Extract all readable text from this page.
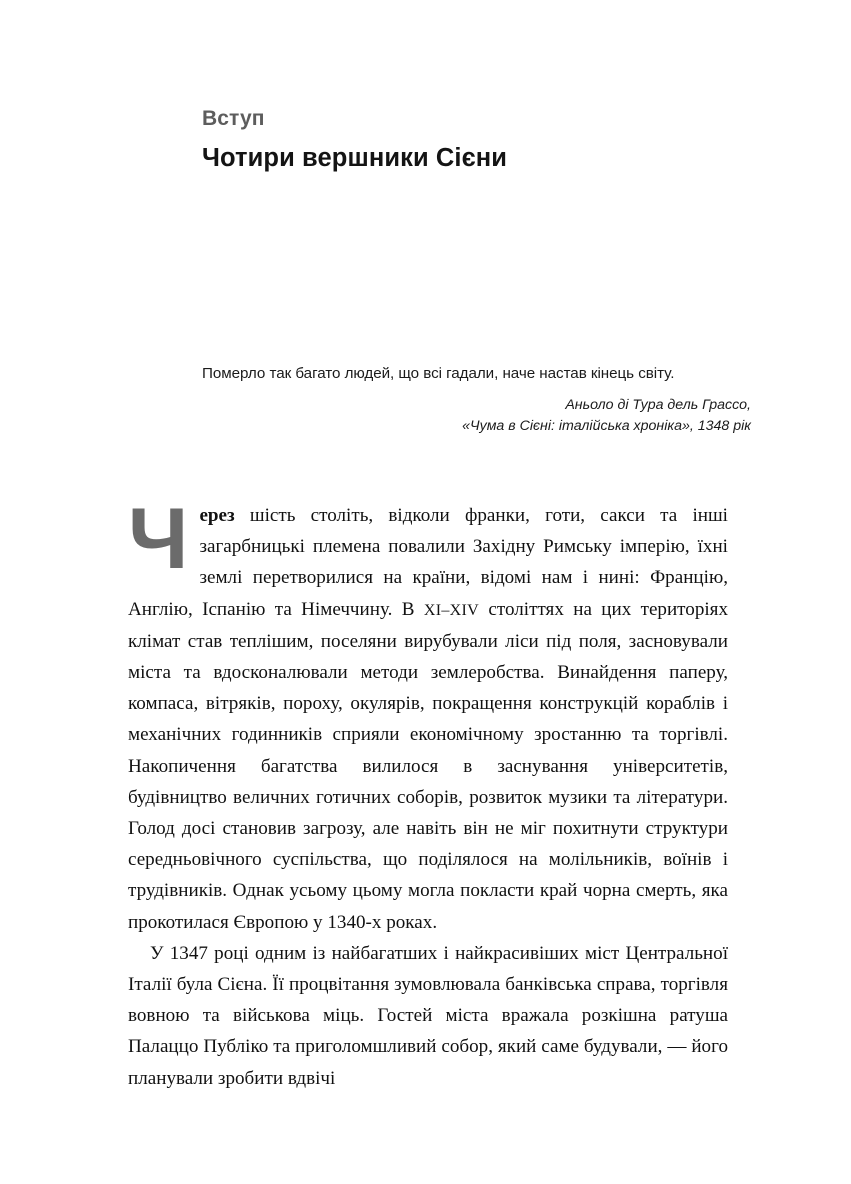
Вступ
Чотири вершники Сієни

Померло так багато людей, що всі гадали, наче настав кінець світу.

Аньоло ді Тура дель Грассо,

«Чума в Сієні: італійська хроніка», 1348 рік

Через шість століть, відколи франки, готи, сакси та інші загарбницькі племена повалили Західну Римську імперію, їхні землі перетворилися на країни, відомі нам і нині: Францію, Англію, Іспанію та Німеччину. В XI–XIV століттях на цих територіях клімат став теплішим, поселяни вирубували ліси під поля, засновували міста та вдосконалювали методи землеробства. Винайдення паперу, компаса, вітряків, пороху, окулярів, покращення конструкцій кораблів і механічних годинників сприяли економічному зростанню та торгівлі. Накопичення багатства вилилося в заснування університетів, будівництво величних готичних соборів, розвиток музики та літератури. Голод досі становив загрозу, але навіть він не міг похитнути структури середньовічного суспільства, що поділялося на молільників, воїнів і трудівників. Однак усьому цьому могла покласти край чорна смерть, яка прокотилася Європою у 1340-х роках.

У 1347 році одним із найбагатших і найкрасивіших міст Центральної Італії була Сієна. Її процвітання зумовлювала банківська справа, торгівля вовною та військова міць. Гостей міста вражала розкішна ратуша Палаццо Публіко та приголомшливий собор, який саме будували, — його планували зробити вдвічі
